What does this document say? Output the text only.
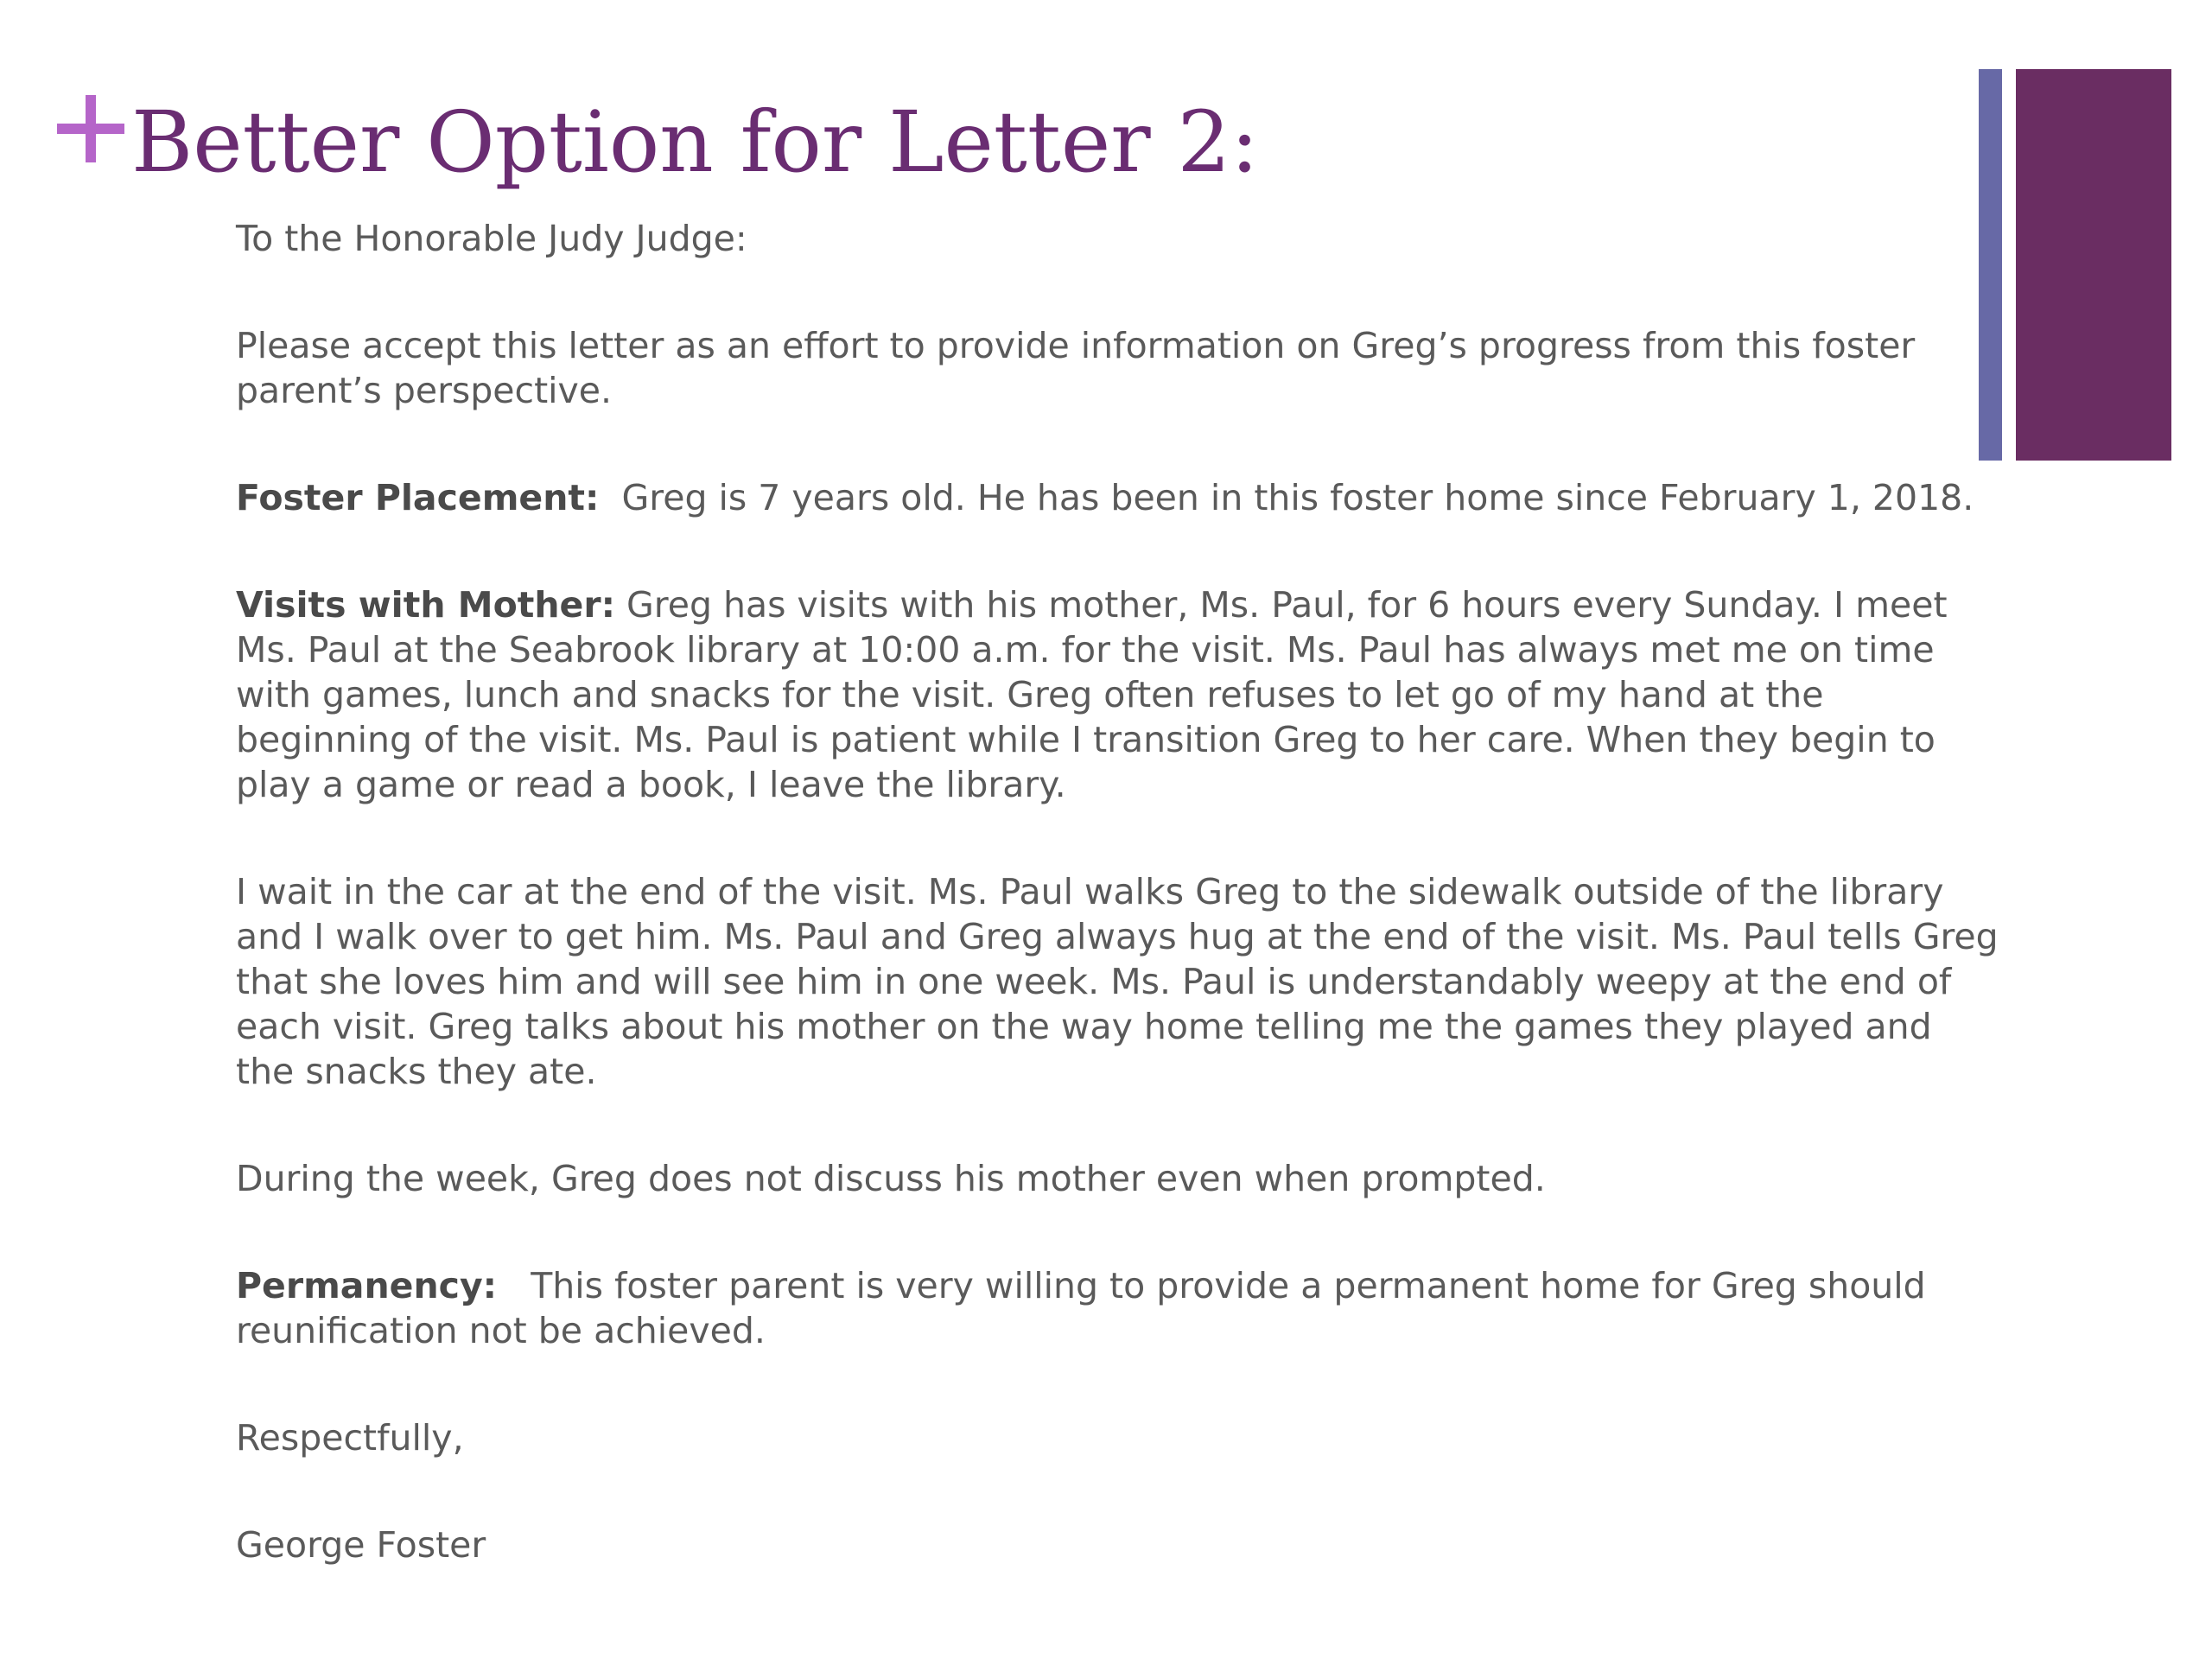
Better Option for Letter 2:

To the Honorable Judy Judge:

Please accept this letter as an effort to provide information on Greg’s progress from this foster parent’s perspective.

Foster Placement: Greg is 7 years old. He has been in this foster home since February 1, 2018.

Visits with Mother: Greg has visits with his mother, Ms. Paul, for 6 hours every Sunday. I meet Ms. Paul at the Seabrook library at 10:00 a.m. for the visit. Ms. Paul has always met me on time with games, lunch and snacks for the visit. Greg often refuses to let go of my hand at the beginning of the visit. Ms. Paul is patient while I transition Greg to her care. When they begin to play a game or read a book, I leave the library.

I wait in the car at the end of the visit. Ms. Paul walks Greg to the sidewalk outside of the library and I walk over to get him. Ms. Paul and Greg always hug at the end of the visit. Ms. Paul tells Greg that she loves him and will see him in one week. Ms. Paul is understandably weepy at the end of each visit. Greg talks about his mother on the way home telling me the games they played and the snacks they ate.

During the week, Greg does not discuss his mother even when prompted.

Permanency: This foster parent is very willing to provide a permanent home for Greg should reunification not be achieved.

Respectfully,

George Foster
